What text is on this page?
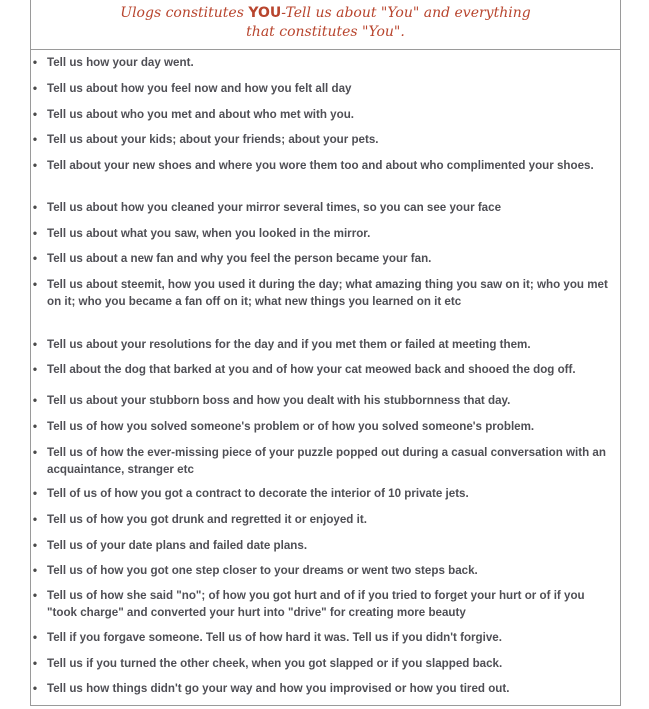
Ulogs constitutes YOU-Tell us about "You" and everything
that constitutes "You".
• Tell us how your day went.
• Tell us about how you feel now and how you felt all day
• Tell us about who you met and about who met with you.
• Tell us about your kids; about your friends; about your pets.
• Tell about your new shoes and where you wore them too and about who complimented your shoes.
• Tell us about how you cleaned your mirror several times, so you can see your face
• Tell us about what you saw, when you looked in the mirror.
• Tell us about a new fan and why you feel the person became your fan.
• Tell us about steemit, how you used it during the day; what amazing thing you saw on it; who you met on it; who you became a fan off on it; what new things you learned on it etc
• Tell us about your resolutions for the day and if you met them or failed at meeting them.
• Tell about the dog that barked at you and of how your cat meowed back and shooed the dog off.
• Tell us about your stubborn boss and how you dealt with his stubbornness that day.
• Tell us of how you solved someone's problem or of how you solved someone's problem.
• Tell us of how the ever-missing piece of your puzzle popped out during a casual conversation with an acquaintance, stranger etc
• Tell of us of how you got a contract to decorate the interior of 10 private jets.
• Tell us of how you got drunk and regretted it or enjoyed it.
• Tell us of your date plans and failed date plans.
• Tell us of how you got one step closer to your dreams or went two steps back.
• Tell us of how she said "no"; of how you got hurt and of if you tried to forget your hurt or of if you "took charge" and converted your hurt into "drive" for creating more beauty
• Tell if you forgave someone. Tell us of how hard it was. Tell us if you didn't forgive.
• Tell us if you turned the other cheek, when you got slapped or if you slapped back.
• Tell us how things didn't go your way and how you improvised or how you tired out.
